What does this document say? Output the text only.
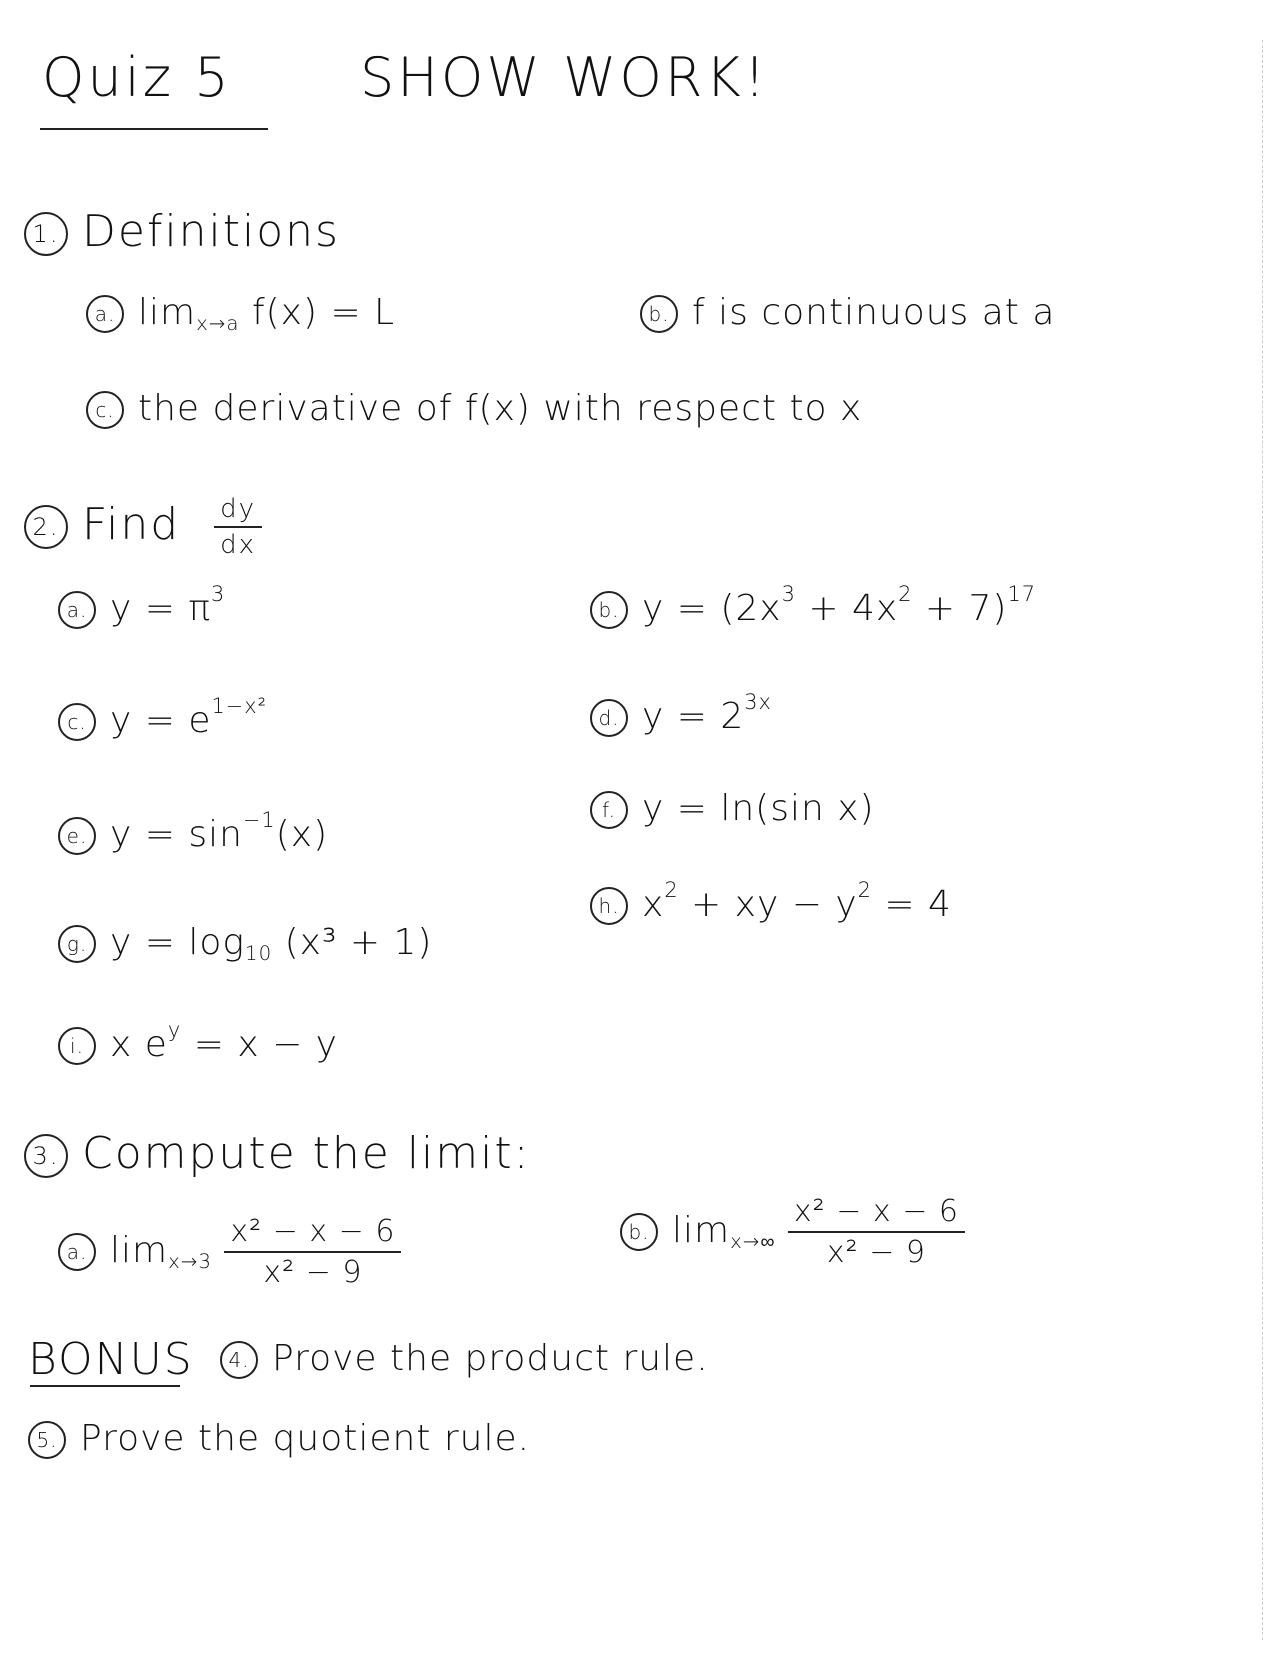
Quiz 5 SHOW WORK!
1. Definitions
a. $\lim_{x\to a} f(x) = L$	b. f is continuous at a
c. the derivative of f(x) with respect to x
2. Find $\frac{dy}{dx}$
a. $y = \pi^3$
b. $y = (2x^3 + 4x^2 + 7)^{17}$
c. $y = e^{1-x^2}$	d. $y = 2^{3x}$
f. y = ln(sin x)
e. $y = \sin^{-1}(x)$
h. $x^2$ + xy − $y^2 = 4$
g. $y = \log_{10} (x^3 + 1)$
i. x $e^y = x - y$
3. Compute the limit:
a. $\lim_{x\to 3} \frac{\text{x² − x − 6}}{\text{x² − 9}}$	b. $\lim_{x\to\infty} \frac{\text{x² − x − 6}}{\text{x² − 9}}$
BONUS	4. Prove the product rule.
5. Prove the quotient rule.
